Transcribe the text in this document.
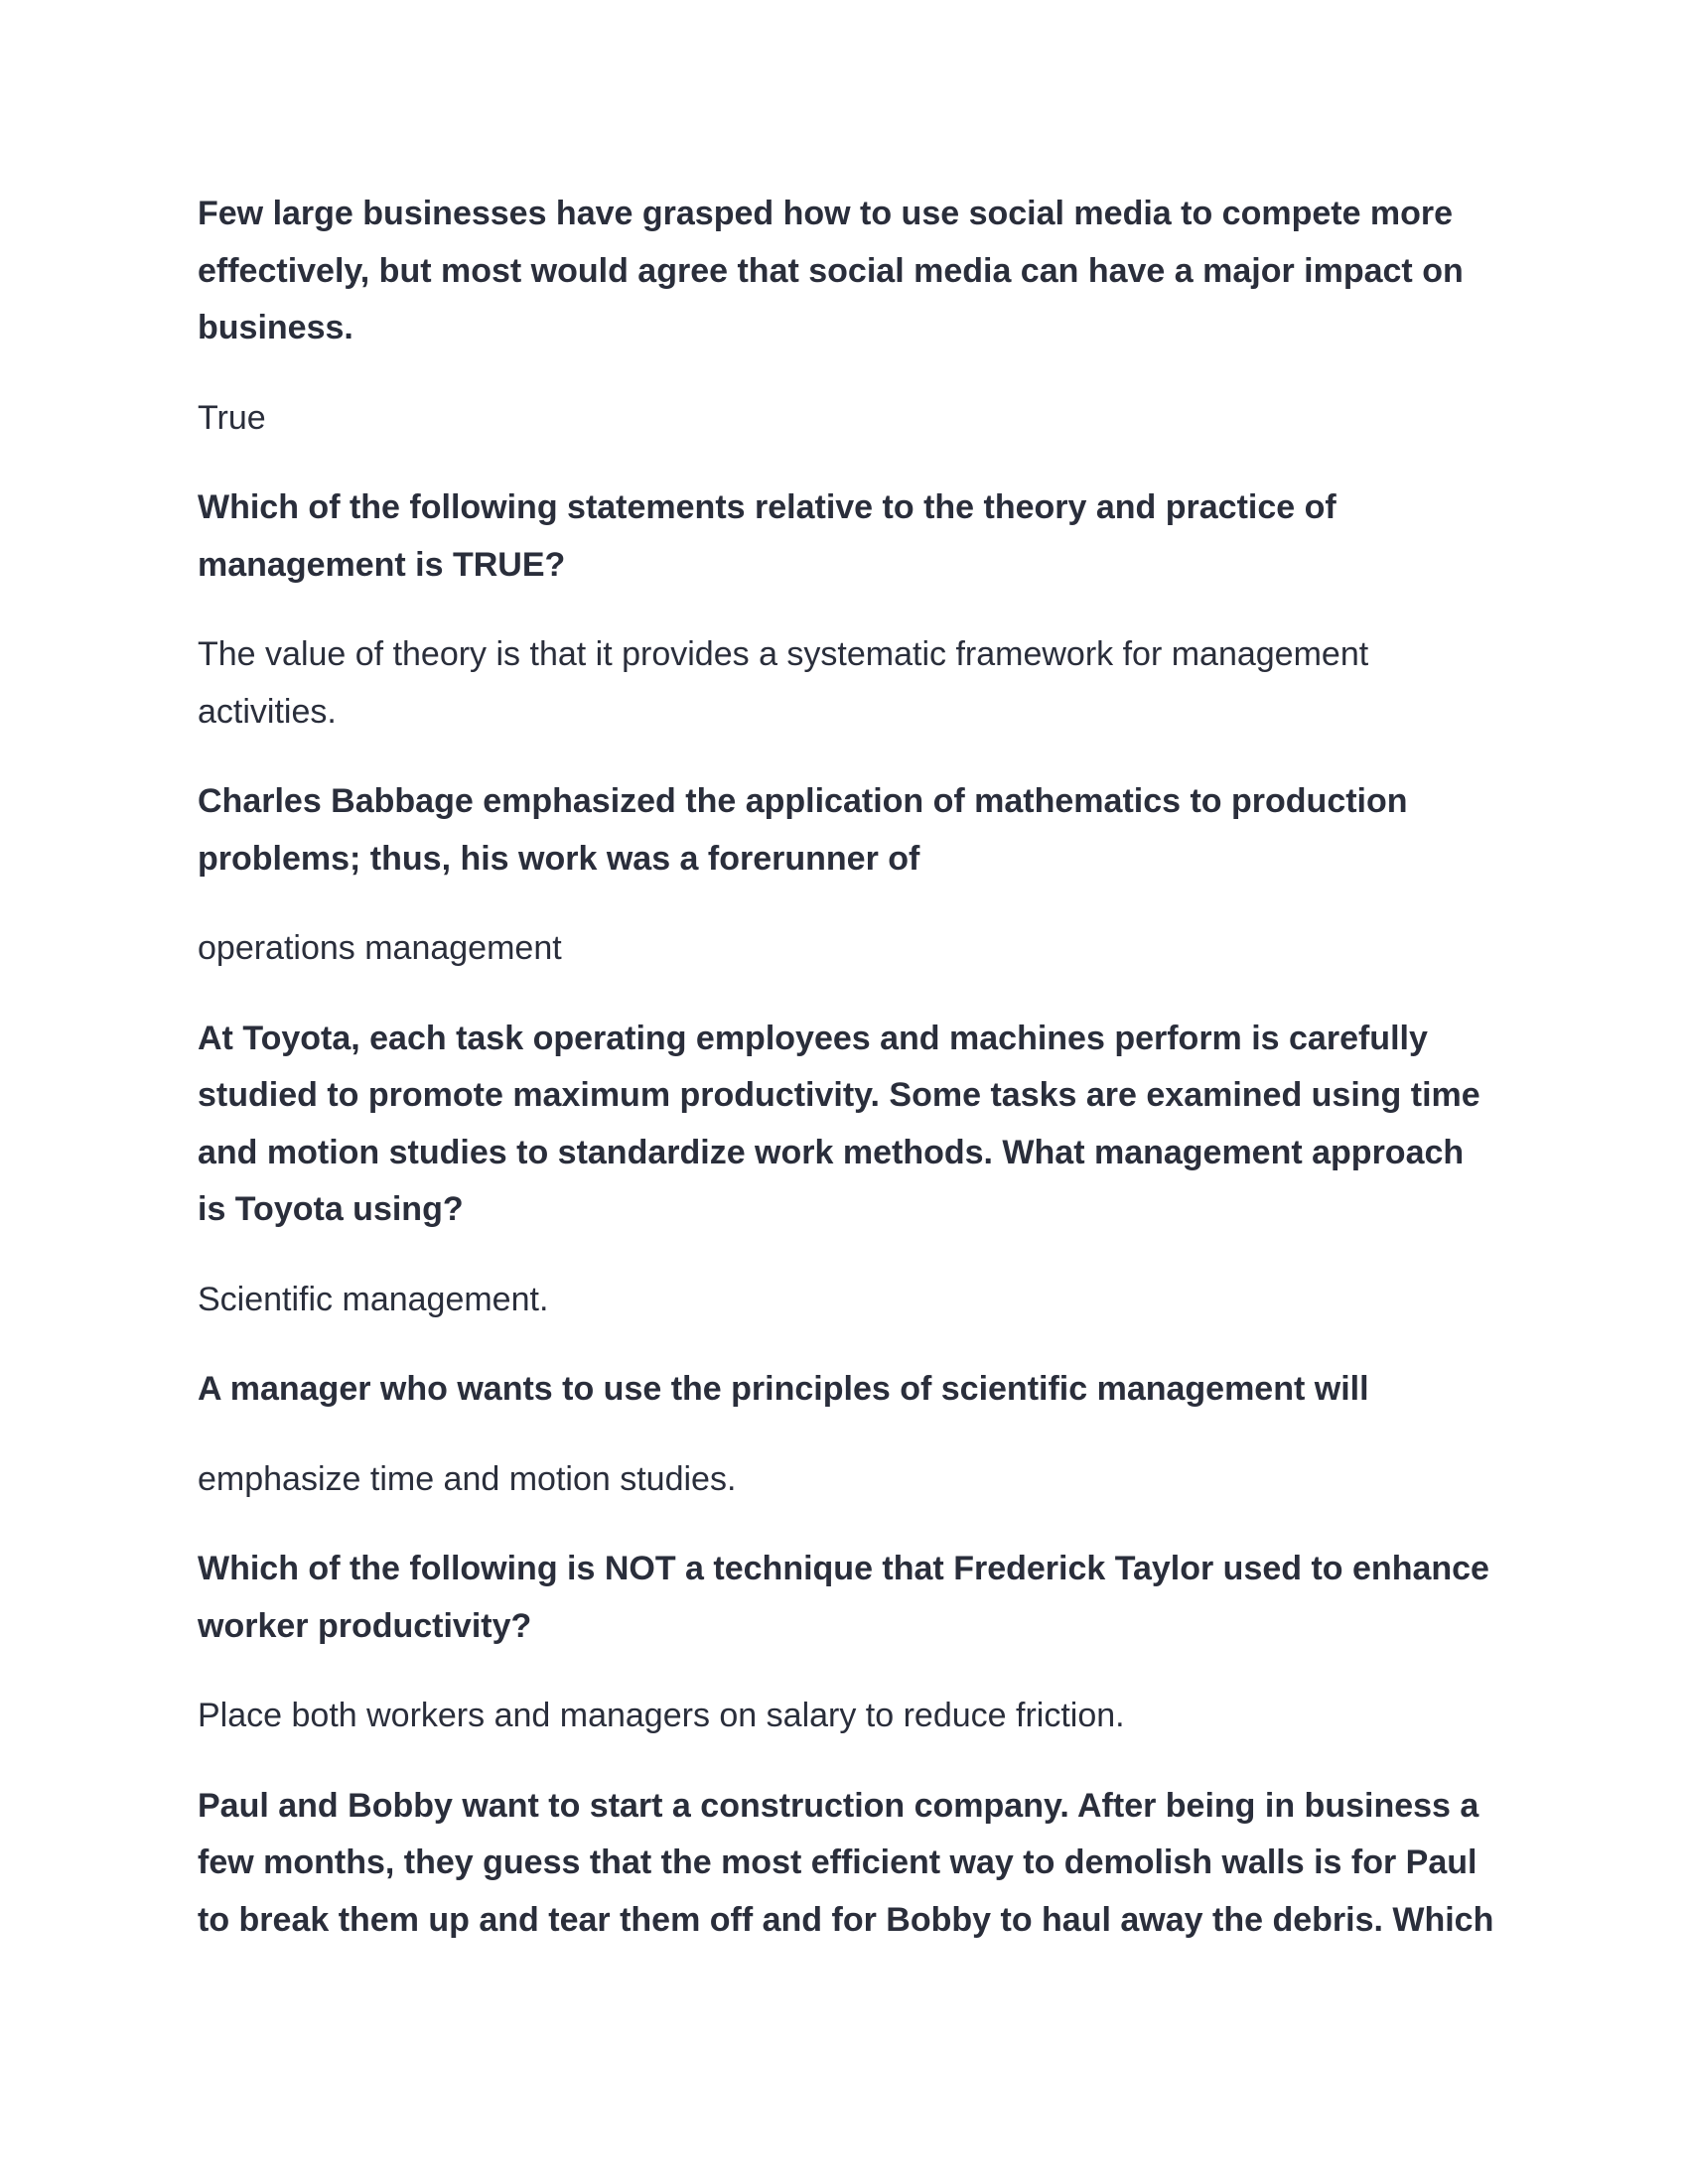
Few large businesses have grasped how to use social media to compete more effectively, but most would agree that social media can have a major impact on business.

True

Which of the following statements relative to the theory and practice of management is TRUE?

The value of theory is that it provides a systematic framework for management activities.

Charles Babbage emphasized the application of mathematics to production problems; thus, his work was a forerunner of

operations management

At Toyota, each task operating employees and machines perform is carefully studied to promote maximum productivity. Some tasks are examined using time and motion studies to standardize work methods. What management approach is Toyota using?

Scientific management.

A manager who wants to use the principles of scientific management will

emphasize time and motion studies.

Which of the following is NOT a technique that Frederick Taylor used to enhance worker productivity?

Place both workers and managers on salary to reduce friction.

Paul and Bobby want to start a construction company. After being in business a few months, they guess that the most efficient way to demolish walls is for Paul to break them up and tear them off and for Bobby to haul away the debris. Which
